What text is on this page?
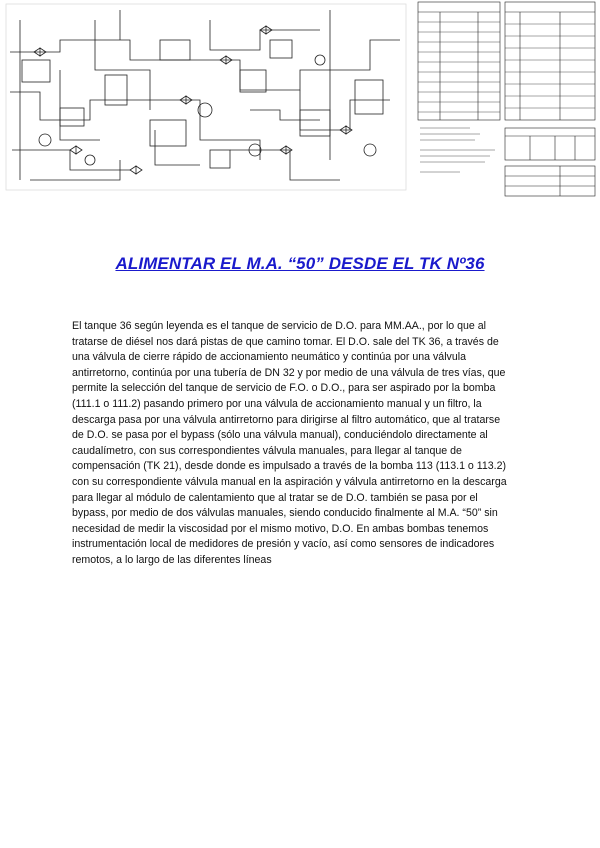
ALIMENTAR EL M.A. “50” DESDE EL TK Nº36

El tanque 36 según leyenda es el tanque de servicio de D.O. para MM.AA., por lo que al
tratarse de diésel nos dará pistas de que camino tomar. El D.O. sale del TK 36, a través de
una válvula de cierre rápido de accionamiento neumático y continúa por una válvula
antirretorno, continúa por una tubería de DN 32 y por medio de una válvula de tres vías, que
permite la selección del tanque de servicio de F.O. o D.O., para ser aspirado por la bomba
(111.1 o 111.2) pasando primero por una válvula de accionamiento manual y un filtro, la
descarga pasa por una válvula antirretorno para dirigirse al filtro automático, que al tratarse
de D.O. se pasa por el bypass (sólo una válvula manual), conduciéndolo directamente al
caudalímetro, con sus correspondientes válvula manuales, para llegar al tanque de
compensación (TK 21), desde donde es impulsado a través de la bomba 113 (113.1 o 113.2)
con su correspondiente válvula manual en la aspiración y válvula antirretorno en la descarga
para llegar al módulo de calentamiento que al tratar se de D.O. también se pasa por el
bypass, por medio de dos válvulas manuales, siendo conducido finalmente al M.A. “50” sin
necesidad de medir la viscosidad por el mismo motivo, D.O. En ambas bombas tenemos
instrumentación local de medidores de presión y vacío, así como sensores de indicadores
remotos, a lo largo de las diferentes líneas
